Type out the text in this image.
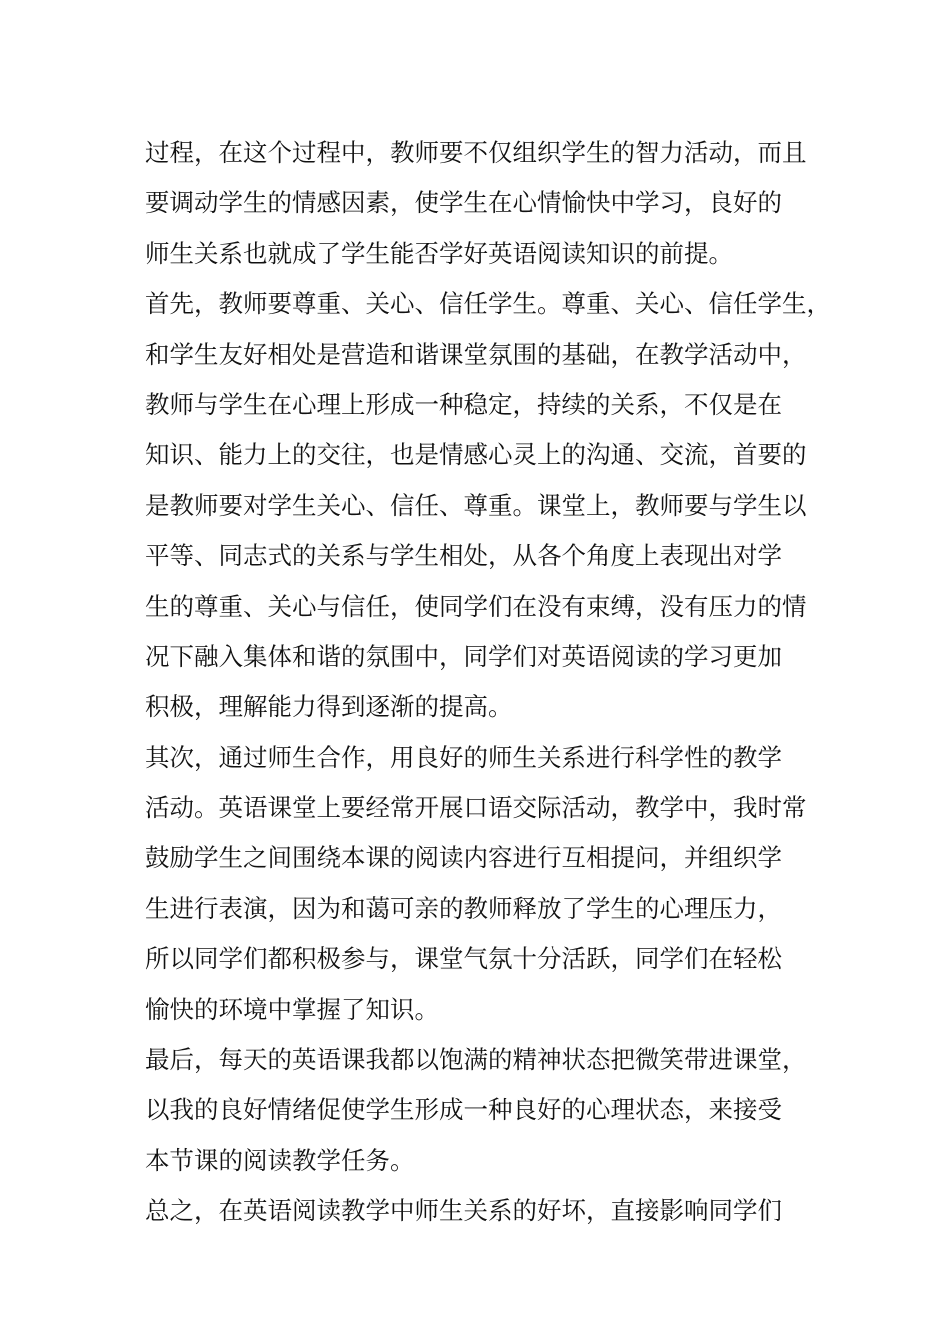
过程，在这个过程中，教师要不仅组织学生的智力活动，而且
要调动学生的情感因素，使学生在心情愉快中学习，良好的
师生关系也就成了学生能否学好英语阅读知识的前提。
首先，教师要尊重、关心、信任学生。尊重、关心、信任学生，
和学生友好相处是营造和谐课堂氛围的基础，在教学活动中，
教师与学生在心理上形成一种稳定，持续的关系，不仅是在
知识、能力上的交往，也是情感心灵上的沟通、交流，首要的
是教师要对学生关心、信任、尊重。课堂上，教师要与学生以
平等、同志式的关系与学生相处，从各个角度上表现出对学
生的尊重、关心与信任，使同学们在没有束缚，没有压力的情
况下融入集体和谐的氛围中，同学们对英语阅读的学习更加
积极，理解能力得到逐渐的提高。
其次，通过师生合作，用良好的师生关系进行科学性的教学
活动。英语课堂上要经常开展口语交际活动，教学中，我时常
鼓励学生之间围绕本课的阅读内容进行互相提问，并组织学
生进行表演，因为和蔼可亲的教师释放了学生的心理压力，
所以同学们都积极参与，课堂气氛十分活跃，同学们在轻松
愉快的环境中掌握了知识。
最后，每天的英语课我都以饱满的精神状态把微笑带进课堂，
以我的良好情绪促使学生形成一种良好的心理状态，来接受
本节课的阅读教学任务。
总之，在英语阅读教学中师生关系的好坏，直接影响同学们
